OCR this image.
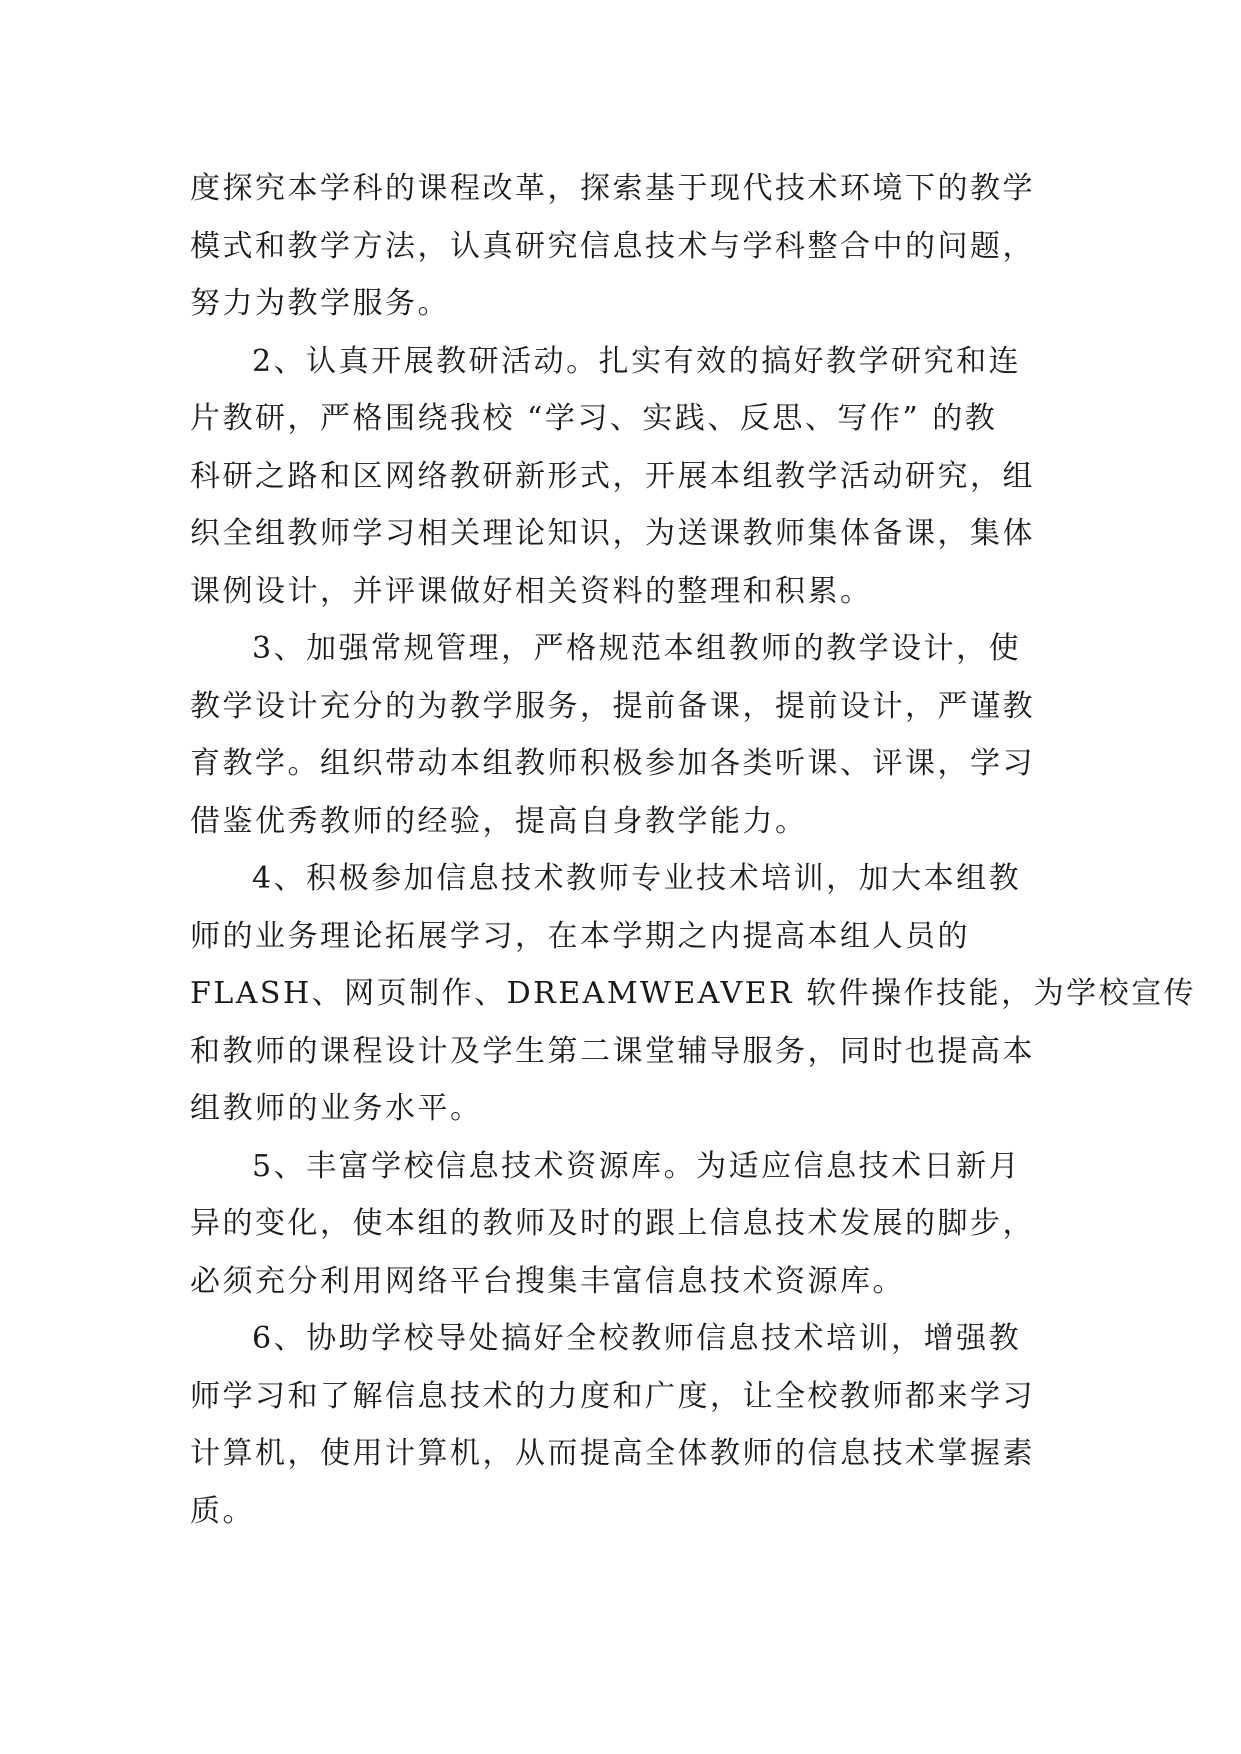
度探究本学科的课程改革，探索基于现代技术环境下的教学
模式和教学方法，认真研究信息技术与学科整合中的问题，
努力为教学服务。
2、认真开展教研活动。扎实有效的搞好教学研究和连
片教研，严格围绕我校 “学习、实践、反思、写作” 的教
科研之路和区网络教研新形式，开展本组教学活动研究，组
织全组教师学习相关理论知识，为送课教师集体备课，集体
课例设计，并评课做好相关资料的整理和积累。
3、加强常规管理，严格规范本组教师的教学设计，使
教学设计充分的为教学服务，提前备课，提前设计，严谨教
育教学。组织带动本组教师积极参加各类听课、评课，学习
借鉴优秀教师的经验，提高自身教学能力。
4、积极参加信息技术教师专业技术培训，加大本组教
师的业务理论拓展学习，在本学期之内提高本组人员的
FLASH、网页制作、DREAMWEAVER 软件操作技能，为学校宣传
和教师的课程设计及学生第二课堂辅导服务，同时也提高本
组教师的业务水平。
5、丰富学校信息技术资源库。为适应信息技术日新月
异的变化，使本组的教师及时的跟上信息技术发展的脚步，
必须充分利用网络平台搜集丰富信息技术资源库。
6、协助学校导处搞好全校教师信息技术培训，增强教
师学习和了解信息技术的力度和广度，让全校教师都来学习
计算机，使用计算机，从而提高全体教师的信息技术掌握素
质。
